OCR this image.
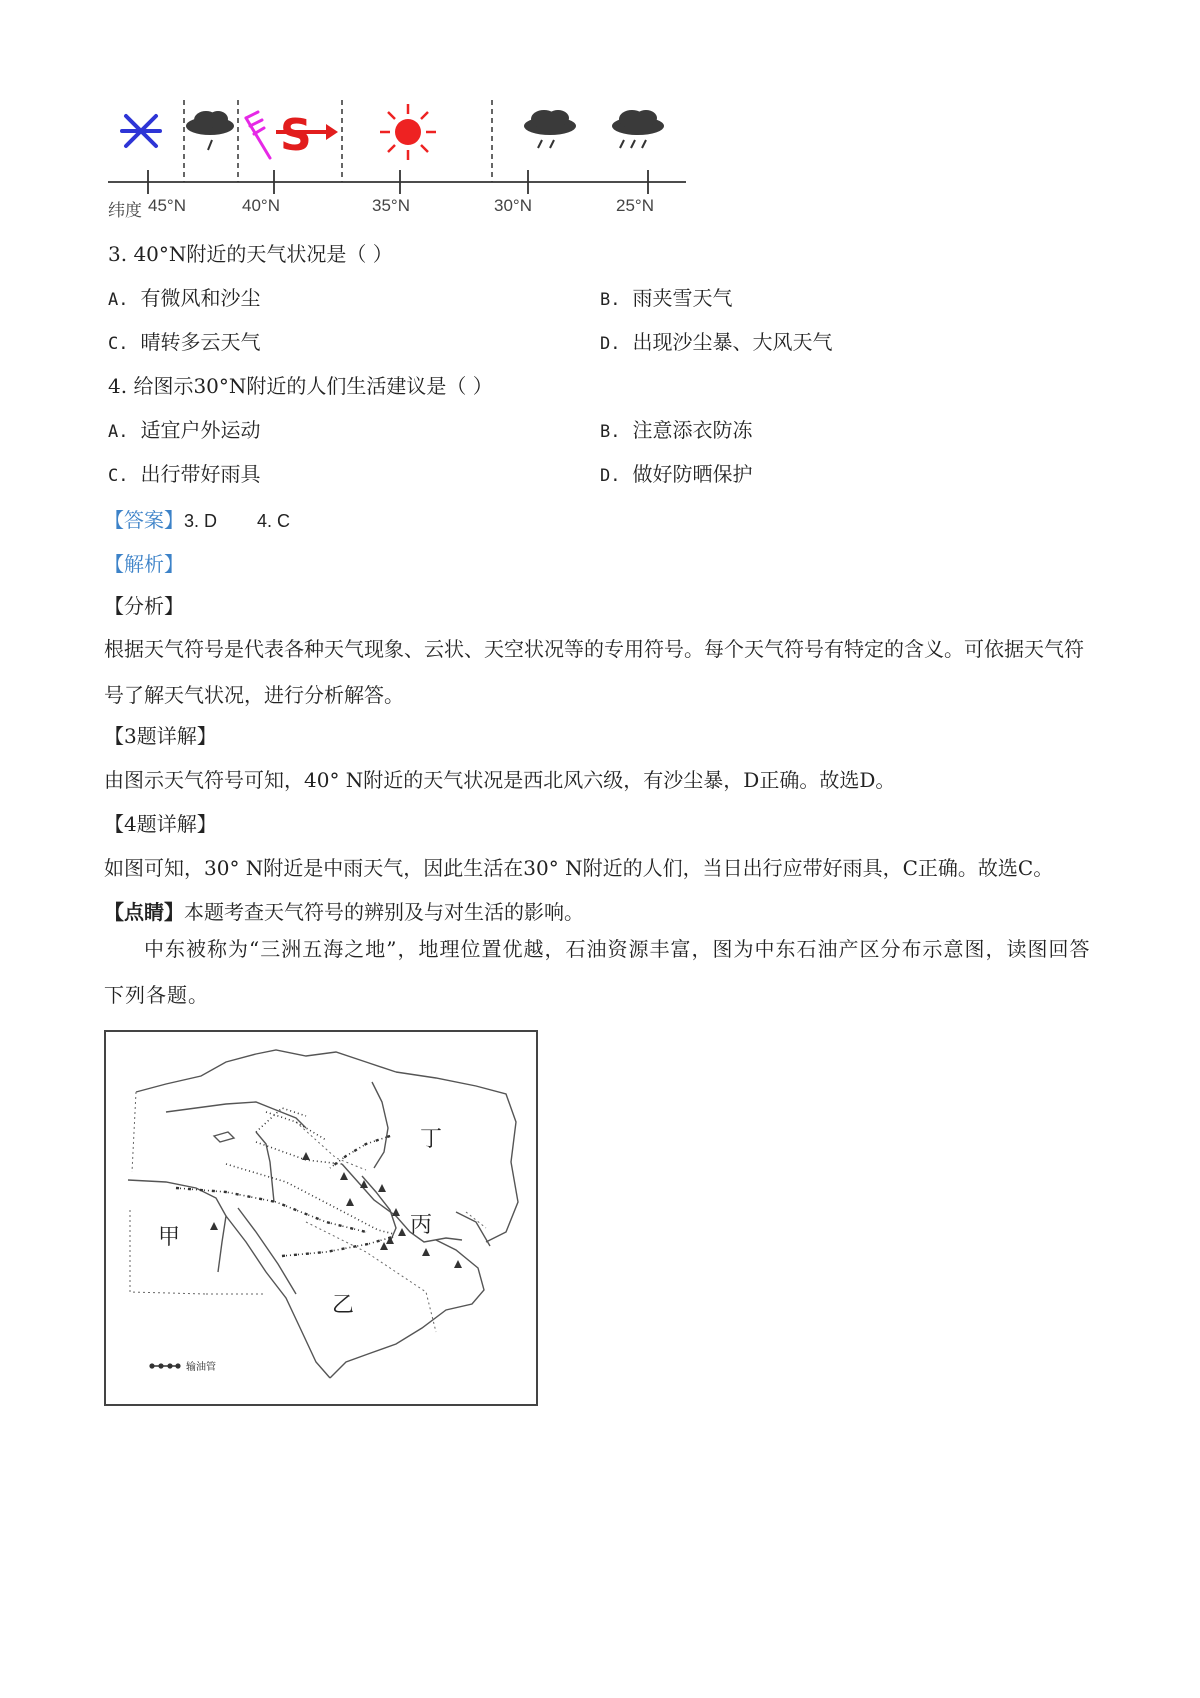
S
纬度 45°N	40°N	35°N	30°N	25°N
3. 40°N附近的天气状况是（ ）
A. 有微风和沙尘	B. 雨夹雪天气
C. 晴转多云天气	D. 出现沙尘暴、大风天气
4. 给图示30°N附近的人们生活建议是（ ）
A. 适宜户外运动	B. 注意添衣防冻
C. 出行带好雨具	D. 做好防晒保护
【答案】3. D 4. C
【解析】
【分析】
根据天气符号是代表各种天气现象、云状、天空状况等的专用符号。每个天气符号有特定的含义。可依据天气符号了解天气状况，进行分析解答。
【3题详解】
由图示天气符号可知，40° N附近的天气状况是西北风六级，有沙尘暴，D正确。故选D。
【4题详解】
如图可知，30° N附近是中雨天气，因此生活在30° N附近的人们，当日出行应带好雨具，C正确。故选C。
【点睛】本题考查天气符号的辨别及与对生活的影响。
中东被称为“三洲五海之地”，地理位置优越，石油资源丰富，图为中东石油产区分布示意图，读图回答下列各题。
甲
乙
丙
丁
输油管
